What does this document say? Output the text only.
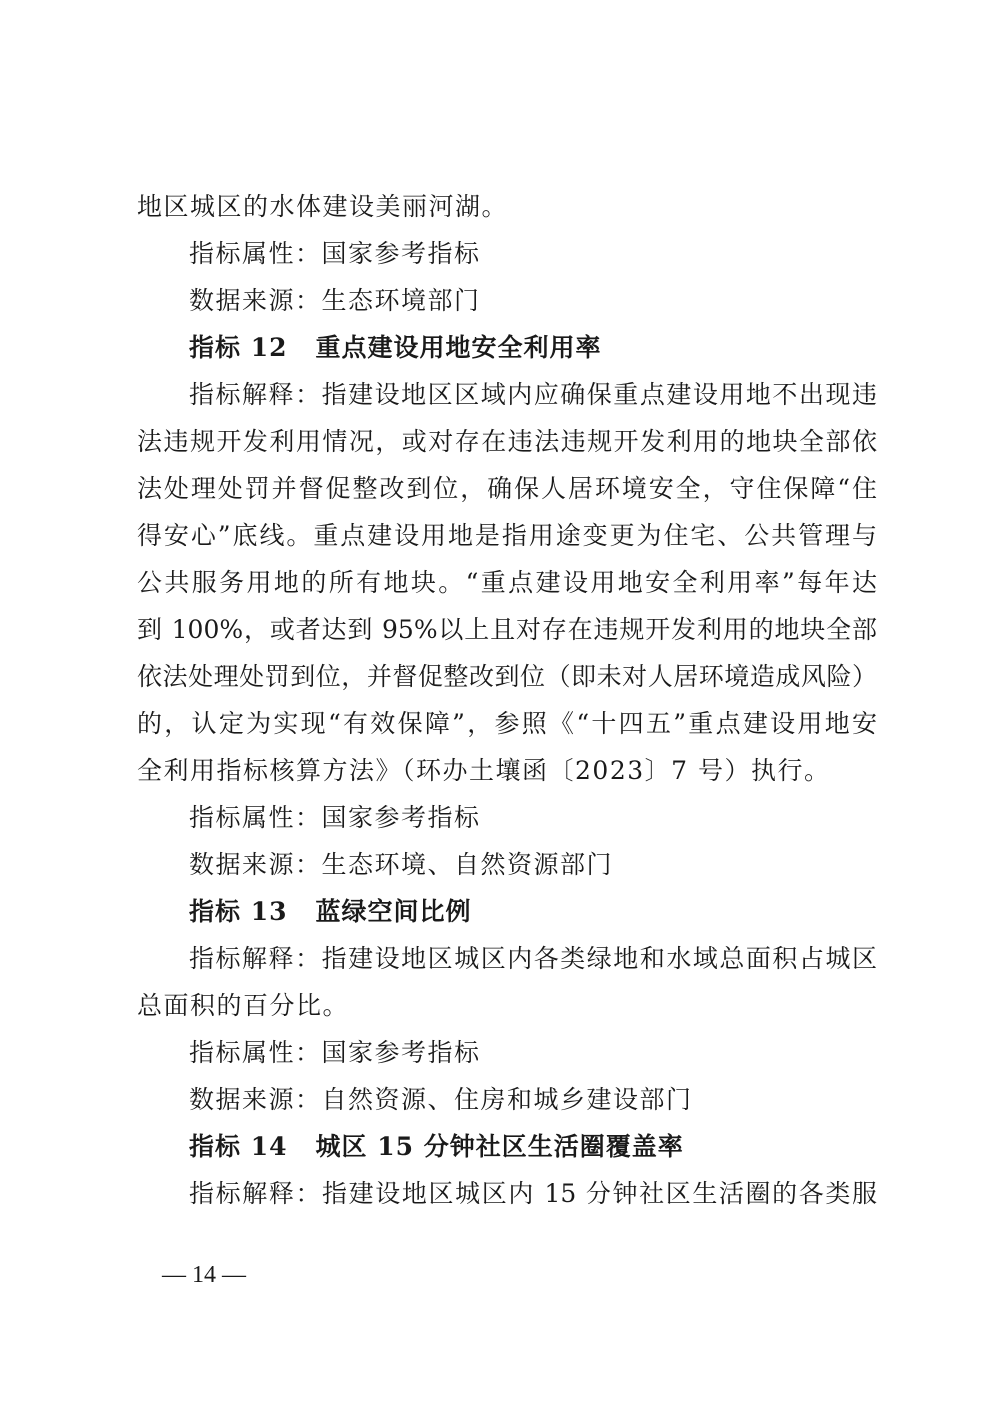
地区城区的水体建设美丽河湖。
指标属性：国家参考指标
数据来源：生态环境部门
指标 12 重点建设用地安全利用率
指标解释：指建设地区区域内应确保重点建设用地不出现违
法违规开发利用情况，或对存在违法违规开发利用的地块全部依
法处理处罚并督促整改到位，确保人居环境安全，守住保障“住
得安心”底线。重点建设用地是指用途变更为住宅、公共管理与
公共服务用地的所有地块。“重点建设用地安全利用率”每年达
到 100%，或者达到 95%以上且对存在违规开发利用的地块全部
依法处理处罚到位，并督促整改到位（即未对人居环境造成风险）
的，认定为实现“有效保障”，参照《“十四五”重点建设用地安
全利用指标核算方法》（环办土壤函〔2023〕7 号）执行。
指标属性：国家参考指标
数据来源：生态环境、自然资源部门
指标 13 蓝绿空间比例
指标解释：指建设地区城区内各类绿地和水域总面积占城区
总面积的百分比。
指标属性：国家参考指标
数据来源：自然资源、住房和城乡建设部门
指标 14 城区 15 分钟社区生活圈覆盖率
指标解释：指建设地区城区内 15 分钟社区生活圈的各类服
— 14 —
